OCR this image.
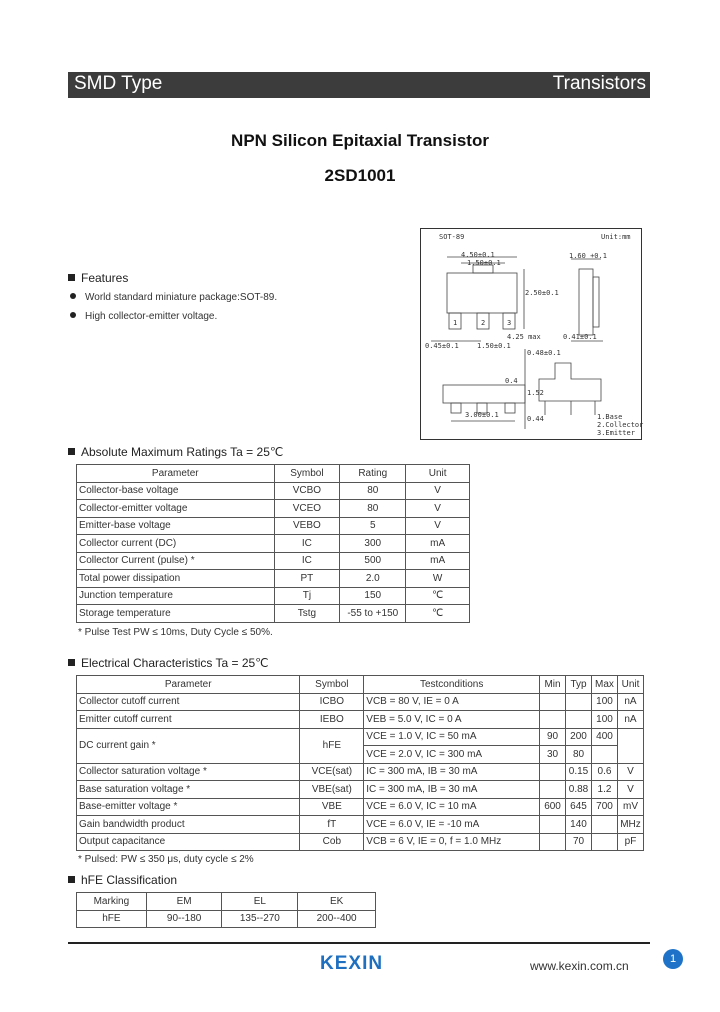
SMD Type	Transistors
NPN Silicon Epitaxial Transistor
2SD1001
SOT-89	Unit:mm
4.50±0.1
1.50±0.1
1.60 +0.1
2.50±0.1
4.25 max
0.45±0.1
0.41±0.1
1.50±0.1
3.00±0.1
0.48±0.1
1.52
0.44
0.4
1	2	3
1.Base
2.Collector
3.Emitter
Features
World standard miniature package:SOT-89.
High collector-emitter voltage.
Absolute Maximum Ratings Ta = 25℃
Parameter	Symbol	Rating	Unit
Collector-base voltage	VCBO	80	V
Collector-emitter voltage	VCEO	80	V
Emitter-base voltage	VEBO	5	V
Collector current (DC)	IC	300	mA
Collector Current (pulse) *	IC	500	mA
Total power dissipation	PT	2.0	W
Junction temperature	Tj	150	℃
Storage temperature	Tstg	-55 to +150	℃
* Pulse Test PW ≤ 10ms, Duty Cycle ≤ 50%.
Electrical Characteristics Ta = 25℃
Parameter	Symbol	Testconditions	Min	Typ	Max	Unit
Collector cutoff current	ICBO	VCB = 80 V, IE = 0 A			100	nA
Emitter cutoff current	IEBO	VEB = 5.0 V, IC = 0 A			100	nA
DC current gain *	hFE	VCE = 1.0 V, IC = 50 mA	90	200	400	
		VCE = 2.0 V, IC = 300 mA	30	80		
Collector saturation voltage *	VCE(sat)	IC = 300 mA, IB = 30 mA		0.15	0.6	V
Base saturation voltage *	VBE(sat)	IC = 300 mA, IB = 30 mA		0.88	1.2	V
Base-emitter voltage *	VBE	VCE = 6.0 V, IC = 10 mA	600	645	700	mV
Gain bandwidth product	fT	VCE = 6.0 V, IE = -10 mA		140		MHz
Output capacitance	Cob	VCB = 6 V, IE = 0, f = 1.0 MHz		70		pF
* Pulsed: PW ≤ 350 μs, duty cycle ≤ 2%
hFE Classification
Marking	EM	EL	EK
hFE	90--180	135--270	200--400
1
KEXIN	www.kexin.com.cn
